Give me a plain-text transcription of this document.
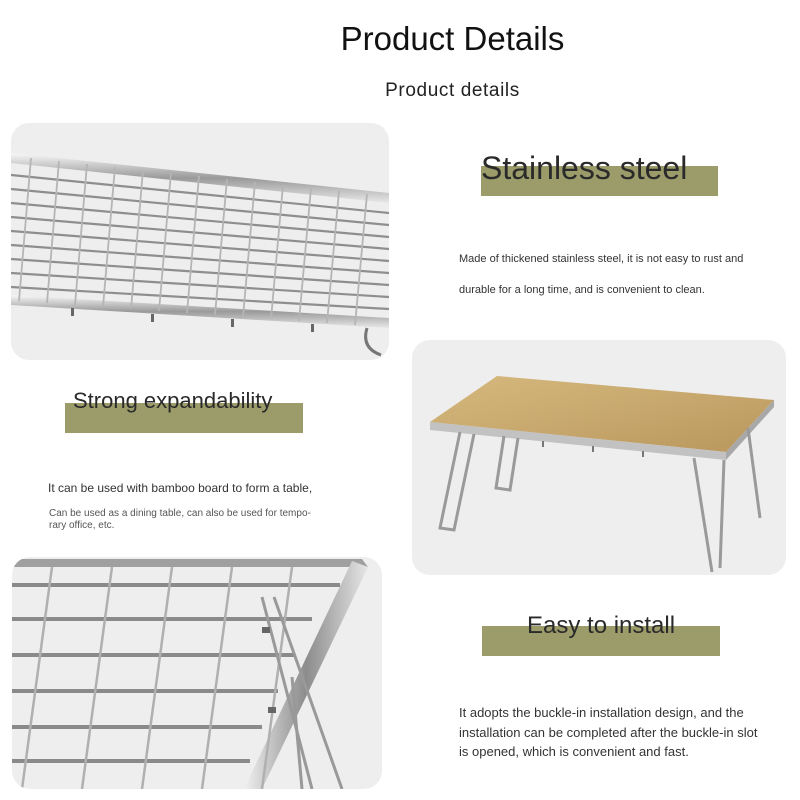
Product Details
Product details
Stainless steel
Made of thickened stainless steel, it is not easy to rust and
durable for a long time, and is convenient to clean.
Strong expandability
It can be used with bamboo board to form a table,
Can be used as a dining table, can also be used for tempo-
rary office, etc.
Easy to install
It adopts the buckle-in installation design, and the
installation can be completed after the buckle-in slot
is opened, which is convenient and fast.
